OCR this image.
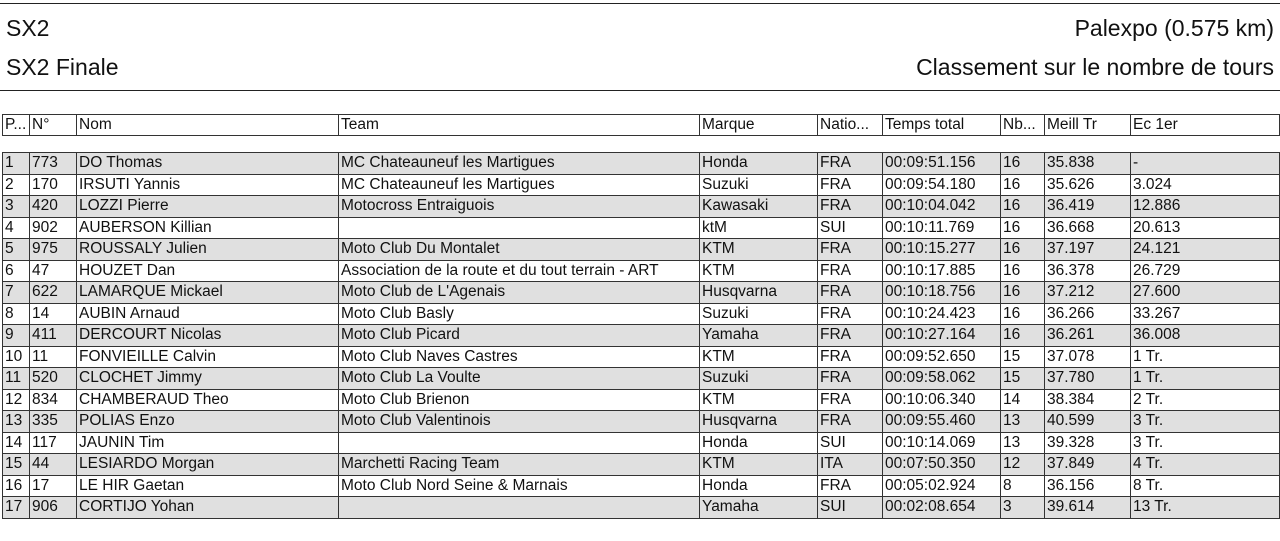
SX2	Palexpo (0.575 km)
SX2 Finale	Classement sur le nombre de tours
P...	N°	Nom	Team	Marque	Natio...	Temps total	Nb...	Meill Tr	Ec 1er

1	773	DO Thomas	MC Chateauneuf les Martigues	Honda	FRA	00:09:51.156	16	35.838	-
2	170	IRSUTI Yannis	MC Chateauneuf les Martigues	Suzuki	FRA	00:09:54.180	16	35.626	3.024
3	420	LOZZI Pierre	Motocross Entraiguois	Kawasaki	FRA	00:10:04.042	16	36.419	12.886
4	902	AUBERSON Killian		ktM	SUI	00:10:11.769	16	36.668	20.613
5	975	ROUSSALY Julien	Moto Club Du Montalet	KTM	FRA	00:10:15.277	16	37.197	24.121
6	47	HOUZET Dan	Association de la route et du tout terrain - ART	KTM	FRA	00:10:17.885	16	36.378	26.729
7	622	LAMARQUE Mickael	Moto Club de L'Agenais	Husqvarna	FRA	00:10:18.756	16	37.212	27.600
8	14	AUBIN Arnaud	Moto Club Basly	Suzuki	FRA	00:10:24.423	16	36.266	33.267
9	411	DERCOURT Nicolas	Moto Club Picard	Yamaha	FRA	00:10:27.164	16	36.261	36.008
10	11	FONVIEILLE Calvin	Moto Club Naves Castres	KTM	FRA	00:09:52.650	15	37.078	1 Tr.
11	520	CLOCHET Jimmy	Moto Club La Voulte	Suzuki	FRA	00:09:58.062	15	37.780	1 Tr.
12	834	CHAMBERAUD Theo	Moto Club Brienon	KTM	FRA	00:10:06.340	14	38.384	2 Tr.
13	335	POLIAS Enzo	Moto Club Valentinois	Husqvarna	FRA	00:09:55.460	13	40.599	3 Tr.
14	117	JAUNIN Tim		Honda	SUI	00:10:14.069	13	39.328	3 Tr.
15	44	LESIARDO Morgan	Marchetti Racing Team	KTM	ITA	00:07:50.350	12	37.849	4 Tr.
16	17	LE HIR Gaetan	Moto Club Nord Seine & Marnais	Honda	FRA	00:05:02.924	8	36.156	8 Tr.
17	906	CORTIJO Yohan		Yamaha	SUI	00:02:08.654	3	39.614	13 Tr.
